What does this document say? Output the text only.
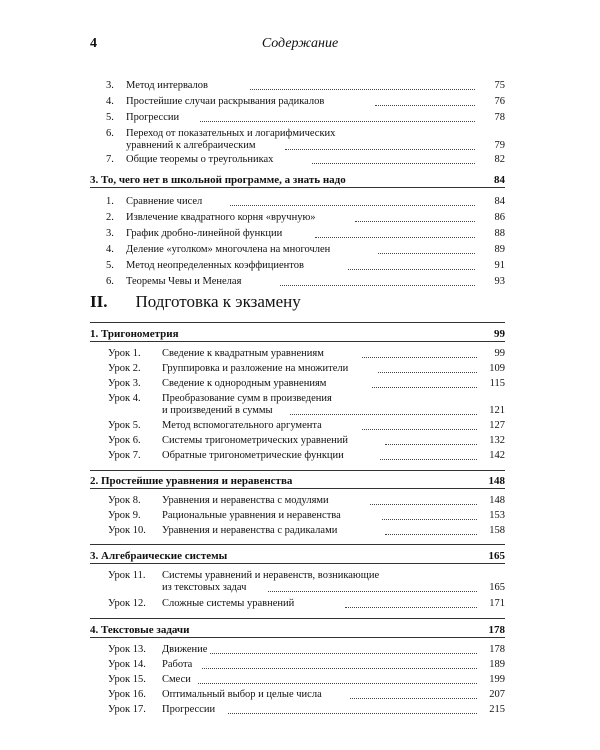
4	Содержание
3. Метод интервалов	75
4. Простейшие случаи раскрывания радикалов	76
5. Прогрессии	78
6. Переход от показательных и логарифмических
уравнений к алгебраическим	79
7. Общие теоремы о треугольниках	82
3. То, чего нет в школьной программе, а знать надо	84
1. Сравнение чисел	84
2. Извлечение квадратного корня «вручную»	86
3. График дробно-линейной функции	88
4. Деление «уголком» многочлена на многочлен	89
5. Метод неопределенных коэффициентов	91
6. Теоремы Чевы и Менелая	93
II. Подготовка к экзамену
1. Тригонометрия	99
Урок 1. Сведение к квадратным уравнениям	99
Урок 2. Группировка и разложение на множители	109
Урок 3. Сведение к однородным уравнениям	115
Урок 4. Преобразование сумм в произведения
и произведений в суммы	121
Урок 5. Метод вспомогательного аргумента	127
Урок 6. Системы тригонометрических уравнений	132
Урок 7. Обратные тригонометрические функции	142
2. Простейшие уравнения и неравенства	148
Урок 8. Уравнения и неравенства с модулями	148
Урок 9. Рациональные уравнения и неравенства	153
Урок 10. Уравнения и неравенства с радикалами	158
3. Алгебраические системы	165
Урок 11. Системы уравнений и неравенств, возникающие
из текстовых задач	165
Урок 12. Сложные системы уравнений	171
4. Текстовые задачи	178
Урок 13. Движение	178
Урок 14. Работа	189
Урок 15. Смеси	199
Урок 16. Оптимальный выбор и целые числа	207
Урок 17. Прогрессии	215
